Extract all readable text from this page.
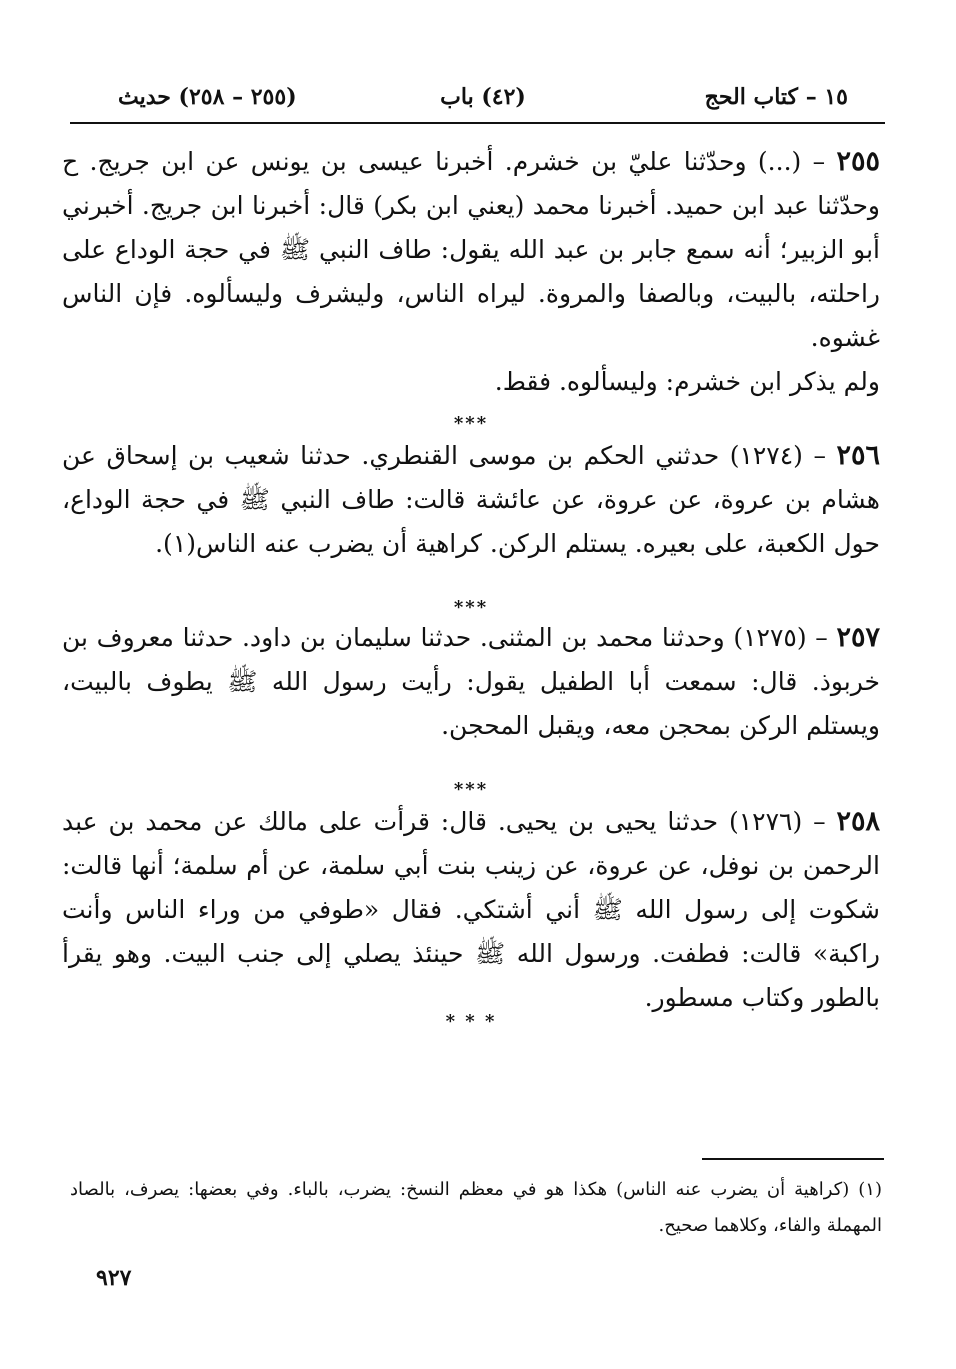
١٥ – كتاب الحج
(٤٢) باب
(٢٥٥ – ٢٥٨) حديث

٢٥٥ – (...) وحدّثنا عليّ بن خشرم. أخبرنا عيسى بن يونس عن ابن جريج. ح وحدّثنا عبد ابن حميد. أخبرنا محمد (يعني ابن بكر) قال: أخبرنا ابن جريج. أخبرني أبو الزبير؛ أنه سمع جابر بن عبد الله يقول: طاف النبي ﷺ في حجة الوداع على راحلته، بالبيت، وبالصفا والمروة. ليراه الناس، وليشرف وليسألوه. فإن الناس غشوه.

ولم يذكر ابن خشرم: وليسألوه. فقط.

***

٢٥٦ – (١٢٧٤) حدثني الحكم بن موسى القنطري. حدثنا شعيب بن إسحاق عن هشام بن عروة، عن عروة، عن عائشة قالت: طاف النبي ﷺ في حجة الوداع، حول الكعبة، على بعيره. يستلم الركن. كراهية أن يضرب عنه الناس(١).

***

٢٥٧ – (١٢٧٥) وحدثنا محمد بن المثنى. حدثنا سليمان بن داود. حدثنا معروف بن خربوذ. قال: سمعت أبا الطفيل يقول: رأيت رسول الله ﷺ يطوف بالبيت، ويستلم الركن بمحجن معه، ويقبل المحجن.

***

٢٥٨ – (١٢٧٦) حدثنا يحيى بن يحيى. قال: قرأت على مالك عن محمد بن عبد الرحمن بن نوفل، عن عروة، عن زينب بنت أبي سلمة، عن أم سلمة؛ أنها قالت: شكوت إلى رسول الله ﷺ أني أشتكي. فقال «طوفي من وراء الناس وأنت راكبة» قالت: فطفت. ورسول الله ﷺ حينئذ يصلي إلى جنب البيت. وهو يقرأ بالطور وكتاب مسطور.

* * *
(١) (كراهية أن يضرب عنه الناس) هكذا هو في معظم النسخ: يضرب، بالباء. وفي بعضها: يصرف، بالصاد المهملة والفاء، وكلاهما صحيح.
٩٢٧
